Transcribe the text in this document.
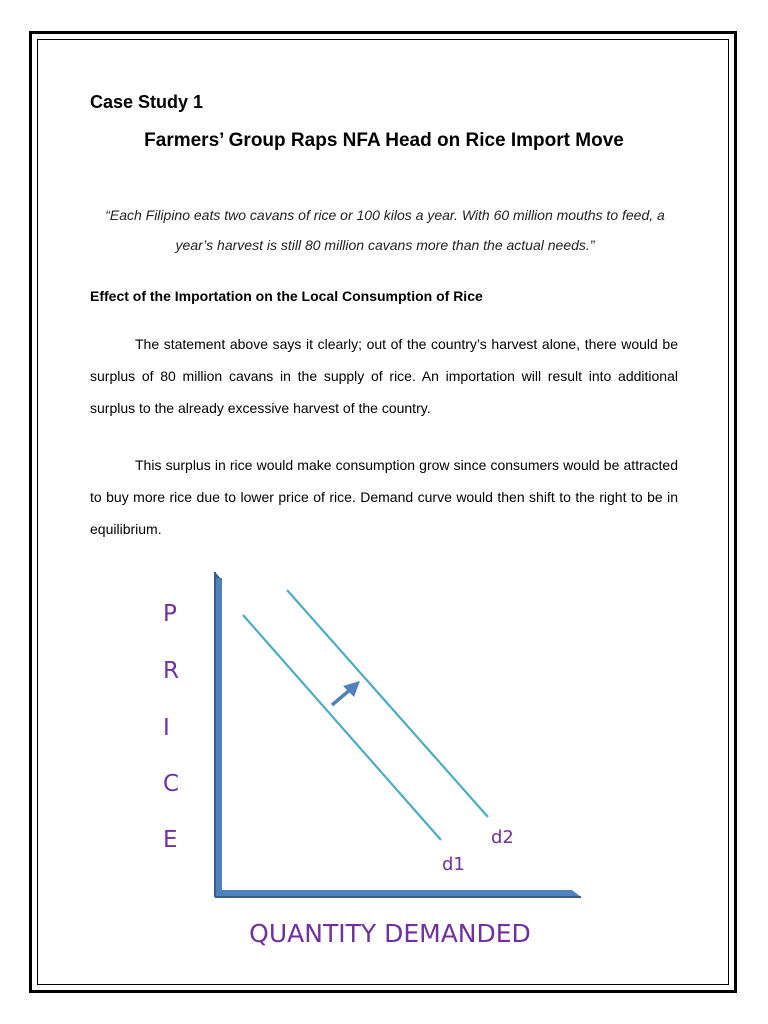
Case Study 1
Farmers’ Group Raps NFA Head on Rice Import Move
“Each Filipino eats two cavans of rice or 100 kilos a year. With 60 million mouths to feed, a year’s harvest is still 80 million cavans more than the actual needs.”
Effect of the Importation on the Local Consumption of Rice
The statement above says it clearly; out of the country’s harvest alone, there would be surplus of 80 million cavans in the supply of rice. An importation will result into additional surplus to the already excessive harvest of the country.
This surplus in rice would make consumption grow since consumers would be attracted to buy more rice due to lower price of rice. Demand curve would then shift to the right to be in equilibrium.
P
R
I
C
E	d2
d1
QUANTITY DEMANDED
